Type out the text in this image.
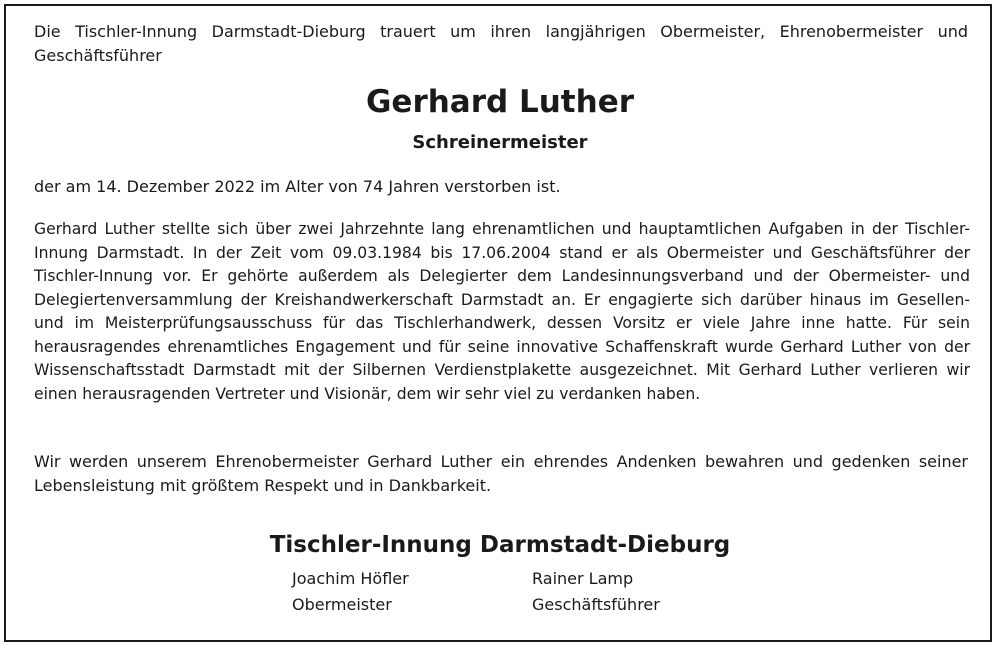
Die Tischler-Innung Darmstadt-Dieburg trauert um ihren langjährigen Obermeister, Ehrenobermeister und Geschäftsführer
Gerhard Luther
Schreinermeister
der am 14. Dezember 2022 im Alter von 74 Jahren verstorben ist.
Gerhard Luther stellte sich über zwei Jahrzehnte lang ehrenamtlichen und hauptamtlichen Aufgaben in der Tischler-Innung Darmstadt. In der Zeit vom 09.03.1984 bis 17.06.2004 stand er als Obermeister und Geschäftsführer der Tischler-Innung vor. Er gehörte außerdem als Delegierter dem Landesinnungsverband und der Obermeister- und Delegiertenversammlung der Kreishandwerkerschaft Darmstadt an. Er engagierte sich darüber hinaus im Gesellen- und im Meisterprüfungsausschuss für das Tischlerhandwerk, dessen Vorsitz er viele Jahre inne hatte. Für sein herausragendes ehrenamtliches Engagement und für seine innovative Schaffenskraft wurde Gerhard Luther von der Wissenschaftsstadt Darmstadt mit der Silbernen Verdienstplakette ausgezeichnet. Mit Gerhard Luther verlieren wir einen herausragenden Vertreter und Visionär, dem wir sehr viel zu verdanken haben.
Wir werden unserem Ehrenobermeister Gerhard Luther ein ehrendes Andenken bewahren und gedenken seiner Lebensleistung mit größtem Respekt und in Dankbarkeit.
Tischler-Innung Darmstadt-Dieburg
Joachim Höfler
Obermeister
Rainer Lamp
Geschäftsführer
